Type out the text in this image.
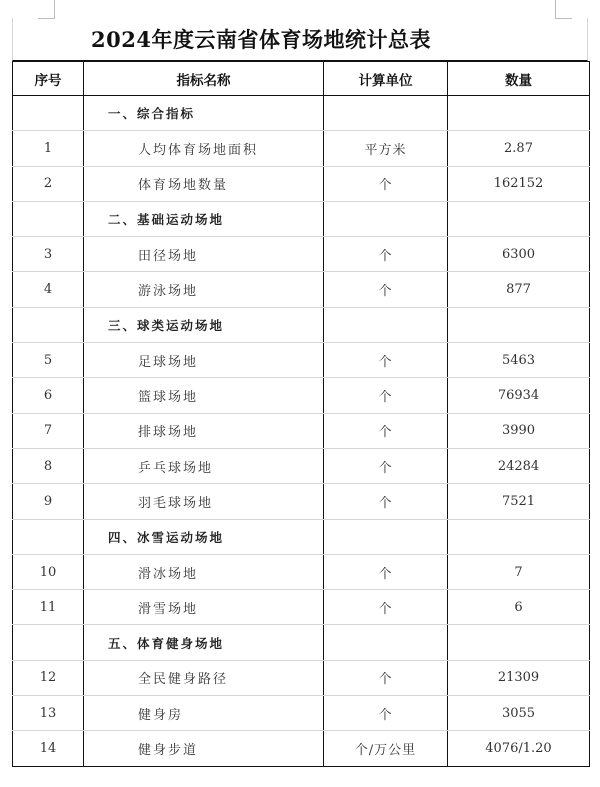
2024年度云南省体育场地统计总表
序号	指标名称	计算单位	数量
	一、综合指标		
1	人均体育场地面积	平方米	2.87
2	体育场地数量	个	162152
	二、基础运动场地		
3	田径场地	个	6300
4	游泳场地	个	877
	三、球类运动场地		
5	足球场地	个	5463
6	篮球场地	个	76934
7	排球场地	个	3990
8	乒乓球场地	个	24284
9	羽毛球场地	个	7521
	四、冰雪运动场地		
10	滑冰场地	个	7
11	滑雪场地	个	6
	五、体育健身场地		
12	全民健身路径	个	21309
13	健身房	个	3055
14	健身步道	个/万公里	4076/1.20
